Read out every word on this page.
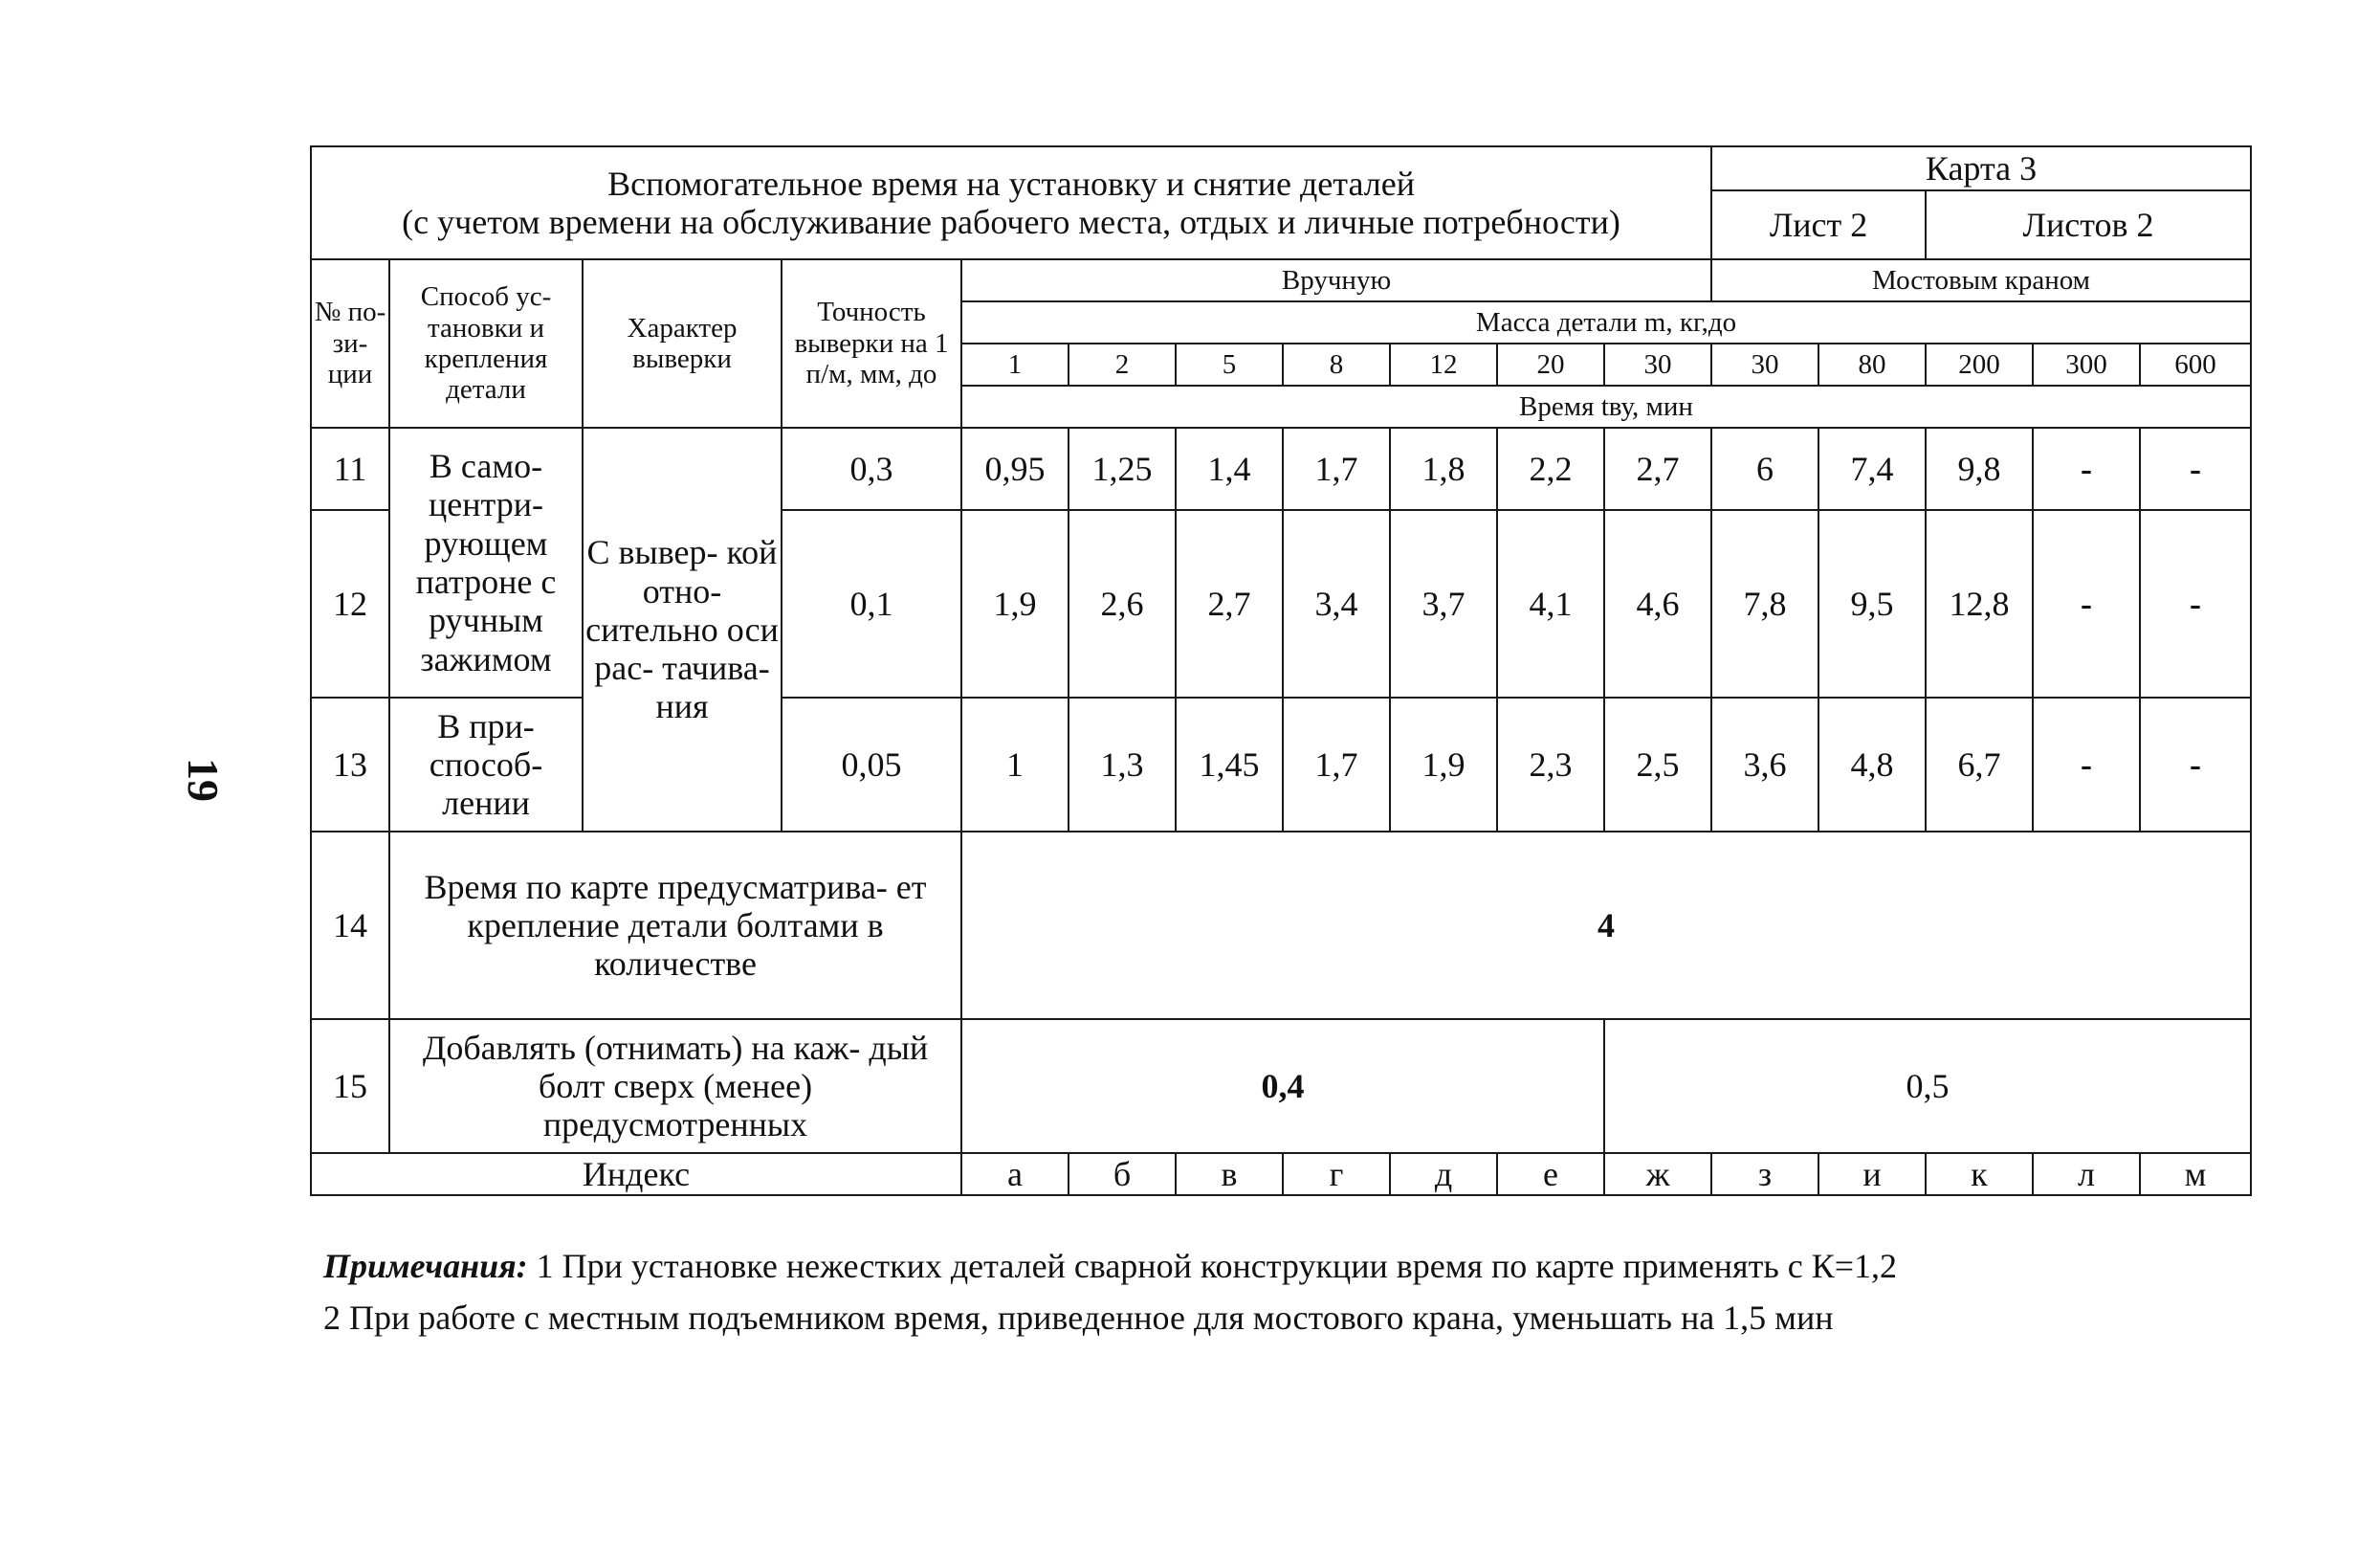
19
Вспомогательное время на установку и снятие деталей
(с учетом времени на обслуживание рабочего места, отдых и личные потребности)											Карта 3				
											Лист 2		Листов 2		
№ по- зи- ции	Способ ус- тановки и крепления детали	Характер выверки	Точность выверки на 1 п/м, мм, до	Вручную							Мостовым краном				
				Масса детали m, кг,до											
				1	2	5	8	12	20	30	30	80	200	300	600
				Время tву, мин											
11	В само- центри- рующем патроне с ручным зажимом	С вывер- кой отно- сительно оси рас- тачива- ния	0,3	0,95	1,25	1,4	1,7	1,8	2,2	2,7	6	7,4	9,8	-	-
12			0,1	1,9	2,6	2,7	3,4	3,7	4,1	4,6	7,8	9,5	12,8	-	-
13	В при- способ- лении		0,05	1	1,3	1,45	1,7	1,9	2,3	2,5	3,6	4,8	6,7	-	-
14	Время по карте предусматрива- ет крепление детали болтами в количестве			4											
15	Добавлять (отнимать) на каж- дый болт сверх (менее) предусмотренных			0,4						0,5					
Индекс				а	б	в	г	д	е	ж	з	и	к	л	м
Примечания: 1 При установке нежестких деталей сварной конструкции время по карте применять с К=1,2
2 При работе с местным подъемником время, приведенное для мостового крана, уменьшать на 1,5 мин
